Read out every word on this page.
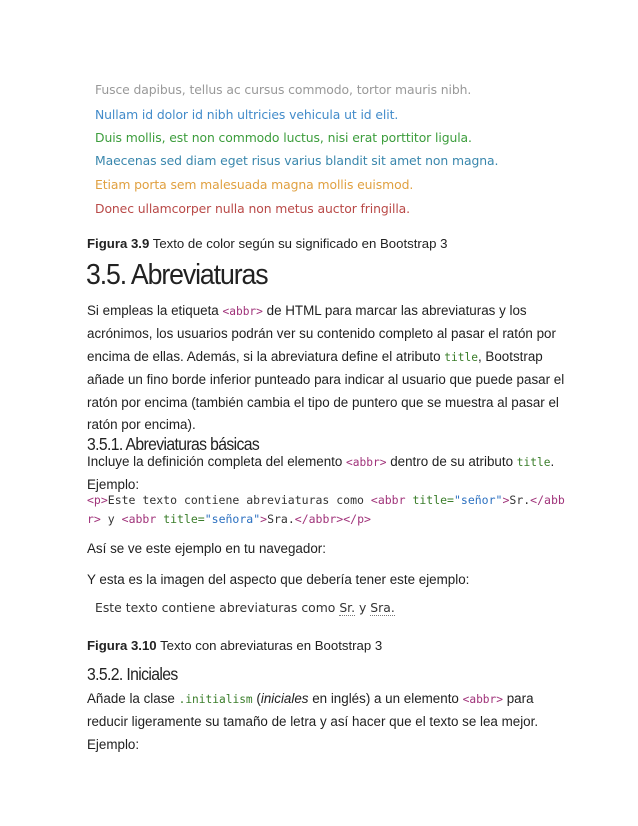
Fusce dapibus, tellus ac cursus commodo, tortor mauris nibh.
Nullam id dolor id nibh ultricies vehicula ut id elit.
Duis mollis, est non commodo luctus, nisi erat porttitor ligula.
Maecenas sed diam eget risus varius blandit sit amet non magna.
Etiam porta sem malesuada magna mollis euismod.
Donec ullamcorper nulla non metus auctor fringilla.
Figura 3.9 Texto de color según su significado en Bootstrap 3
3.5. Abreviaturas
Si empleas la etiqueta <abbr> de HTML para marcar las abreviaturas y los
acrónimos, los usuarios podrán ver su contenido completo al pasar el ratón por
encima de ellas. Además, si la abreviatura define el atributo title, Bootstrap
añade un fino borde inferior punteado para indicar al usuario que puede pasar el
ratón por encima (también cambia el tipo de puntero que se muestra al pasar el
ratón por encima).
3.5.1. Abreviaturas básicas
Incluye la definición completa del elemento <abbr> dentro de su atributo title.
Ejemplo:
<p>Este texto contiene abreviaturas como <abbr title="señor">Sr.</abb
r> y <abbr title="señora">Sra.</abbr></p>
Así se ve este ejemplo en tu navegador:
Y esta es la imagen del aspecto que debería tener este ejemplo:
Este texto contiene abreviaturas como Sr. y Sra.
Figura 3.10 Texto con abreviaturas en Bootstrap 3
3.5.2. Iniciales
Añade la clase .initialism (iniciales en inglés) a un elemento <abbr> para
reducir ligeramente su tamaño de letra y así hacer que el texto se lea mejor.
Ejemplo:
